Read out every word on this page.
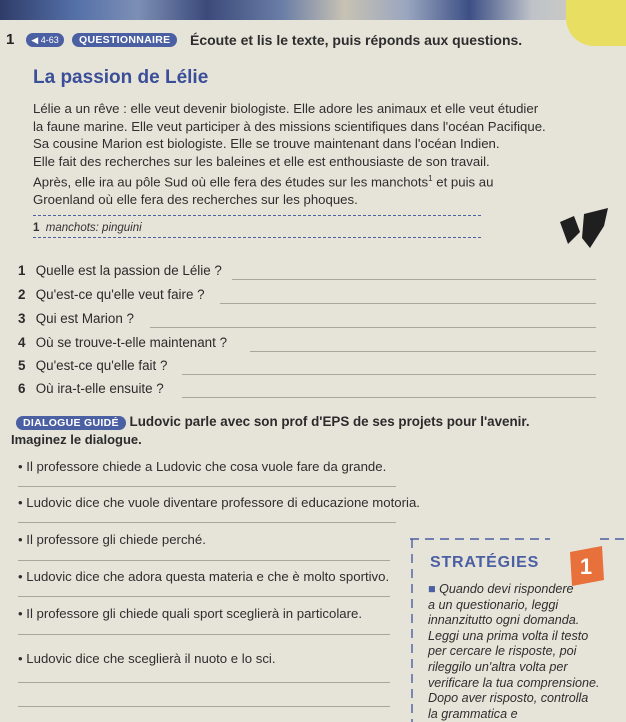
1	◀ 4-63	QUESTIONNAIRE	Écoute et lis le texte, puis réponds aux questions.
La passion de Lélie
Lélie a un rêve : elle veut devenir biologiste. Elle adore les animaux et elle veut étudier
la faune marine. Elle veut participer à des missions scientifiques dans l'océan Pacifique.
Sa cousine Marion est biologiste. Elle se trouve maintenant dans l'océan Indien.
Elle fait des recherches sur les baleines et elle est enthousiaste de son travail.
Après, elle ira au pôle Sud où elle fera des études sur les manchots$^1$ et puis au
Groenland où elle fera des recherches sur les phoques.
1 manchots: pinguini
1 Quelle est la passion de Lélie ?
2 Qu'est-ce qu'elle veut faire ?
3 Qui est Marion ?
4 Où se trouve-t-elle maintenant ?
5 Qu'est-ce qu'elle fait ?
6 Où ira-t-elle ensuite ?
DIALOGUE GUIDÉ Ludovic parle avec son prof d'EPS de ses projets pour l'avenir.
Imaginez le dialogue.
• Il professore chiede a Ludovic che cosa vuole fare da grande.
• Ludovic dice che vuole diventare professore di educazione motoria.
• Il professore gli chiede perché.
• Ludovic dice che adora questa materia e che è molto sportivo.
• Il professore gli chiede quali sport sceglierà in particolare.
• Ludovic dice che sceglierà il nuoto e lo sci.
STRATÉGIES 1
■ Quando devi rispondere
a un questionario, leggi
innanzitutto ogni domanda.
Leggi una prima volta il testo
per cercare le risposte, poi
rileggilo un'altra volta per
verificare la tua comprensione.
Dopo aver risposto, controlla
la grammatica e
